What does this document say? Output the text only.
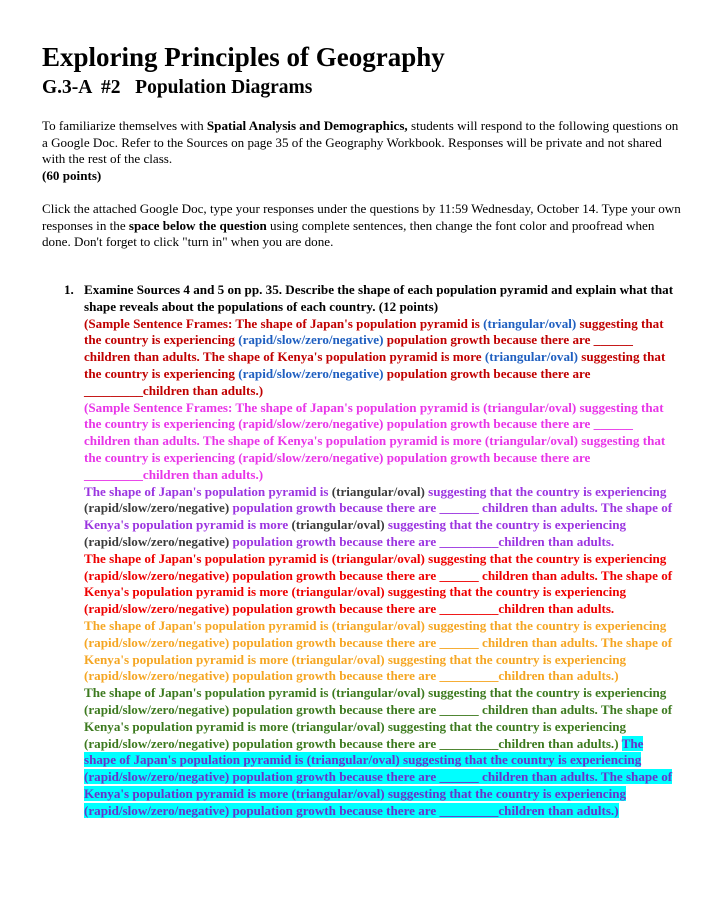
Exploring Principles of Geography
G.3-A  #2   Population Diagrams
To familiarize themselves with Spatial Analysis and Demographics, students will respond to the following questions on a Google Doc. Refer to the Sources on page 35 of the Geography Workbook. Responses will be private and not shared with the rest of the class.
(60 points)
Click the attached Google Doc, type your responses under the questions by 11:59 Wednesday, October 14. Type your own responses in the space below the question using complete sentences, then change the font color and proofread when done. Don't forget to click "turn in" when you are done.
1. Examine Sources 4 and 5 on pp. 35. Describe the shape of each population pyramid and explain what that shape reveals about the populations of each country. (12 points)
(Sample Sentence Frames: The shape of Japan's population pyramid is (triangular/oval) suggesting that the country is experiencing (rapid/slow/zero/negative) population growth because there are ______ children than adults. The shape of Kenya's population pyramid is more (triangular/oval) suggesting that the country is experiencing (rapid/slow/zero/negative) population growth because there are _________children than adults.)
(Sample Sentence Frames: The shape of Japan's population pyramid is (triangular/oval) suggesting that the country is experiencing (rapid/slow/zero/negative) population growth because there are ______ children than adults. The shape of Kenya's population pyramid is more (triangular/oval) suggesting that the country is experiencing (rapid/slow/zero/negative) population growth because there are _________children than adults.)
The shape of Japan's population pyramid is (triangular/oval) suggesting that the country is experiencing (rapid/slow/zero/negative) population growth because there are ______ children than adults. The shape of Kenya's population pyramid is more (triangular/oval) suggesting that the country is experiencing (rapid/slow/zero/negative) population growth because there are _________children than adults.
The shape of Japan's population pyramid is (triangular/oval) suggesting that the country is experiencing (rapid/slow/zero/negative) population growth because there are ______ children than adults. The shape of Kenya's population pyramid is more (triangular/oval) suggesting that the country is experiencing (rapid/slow/zero/negative) population growth because there are _________children than adults.
The shape of Japan's population pyramid is (triangular/oval) suggesting that the country is experiencing (rapid/slow/zero/negative) population growth because there are ______ children than adults. The shape of Kenya's population pyramid is more (triangular/oval) suggesting that the country is experiencing (rapid/slow/zero/negative) population growth because there are _________children than adults.)
The shape of Japan's population pyramid is (triangular/oval) suggesting that the country is experiencing (rapid/slow/zero/negative) population growth because there are ______ children than adults. The shape of Kenya's population pyramid is more (triangular/oval) suggesting that the country is experiencing (rapid/slow/zero/negative) population growth because there are _________children than adults.) The shape of Japan's population pyramid is (triangular/oval) suggesting that the country is experiencing (rapid/slow/zero/negative) population growth because there are ______ children than adults. The shape of Kenya's population pyramid is more (triangular/oval) suggesting that the country is experiencing (rapid/slow/zero/negative) population growth because there are _________children than adults.)
